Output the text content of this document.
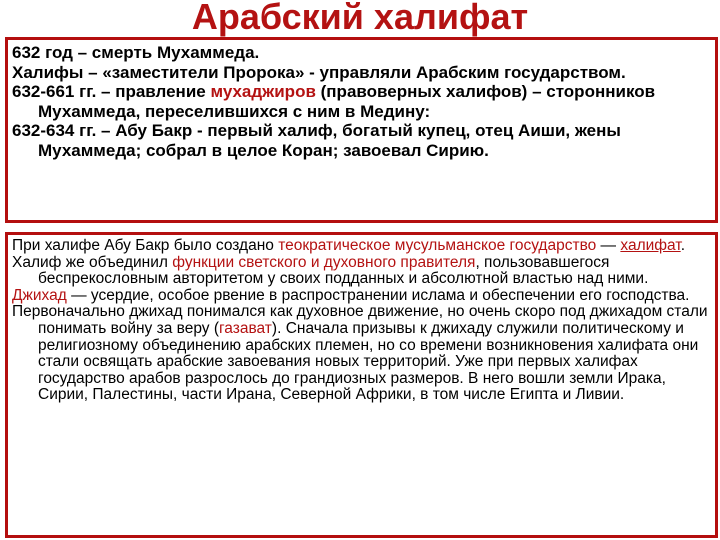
Арабский халифат

632 год – смерть Мухаммеда.

Халифы – «заместители Пророка» - управляли Арабским государством.

632-661 гг. – правление мухаджиров (правоверных халифов) – сторонников Мухаммеда, переселившихся с ним в Медину:

632-634 гг. – Абу Бакр - первый халиф, богатый купец, отец Аиши, жены Мухаммеда; собрал в целое Коран; завоевал Сирию.

При халифе Абу Бакр было создано теократическое мусульманское государство — халифат.

Халиф же объединил функции светского и духовного правителя, пользовавшегося беспрекословным авторитетом у своих подданных и абсолютной властью над ними.

Джихад — усердие, особое рвение в распространении ислама и обеспечении его господства.

Первоначально джихад понимался как духовное движение, но очень скоро под джихадом стали понимать войну за веру (газават). Сначала призывы к джихаду служили политическому и религиозному объединению арабских племен, но со времени возникновения халифата они стали освящать арабские завоевания новых территорий. Уже при первых халифах государство арабов разрослось до грандиозных размеров. В него вошли земли Ирака, Сирии, Палестины, части Ирана, Северной Африки, в том числе Египта и Ливии.
